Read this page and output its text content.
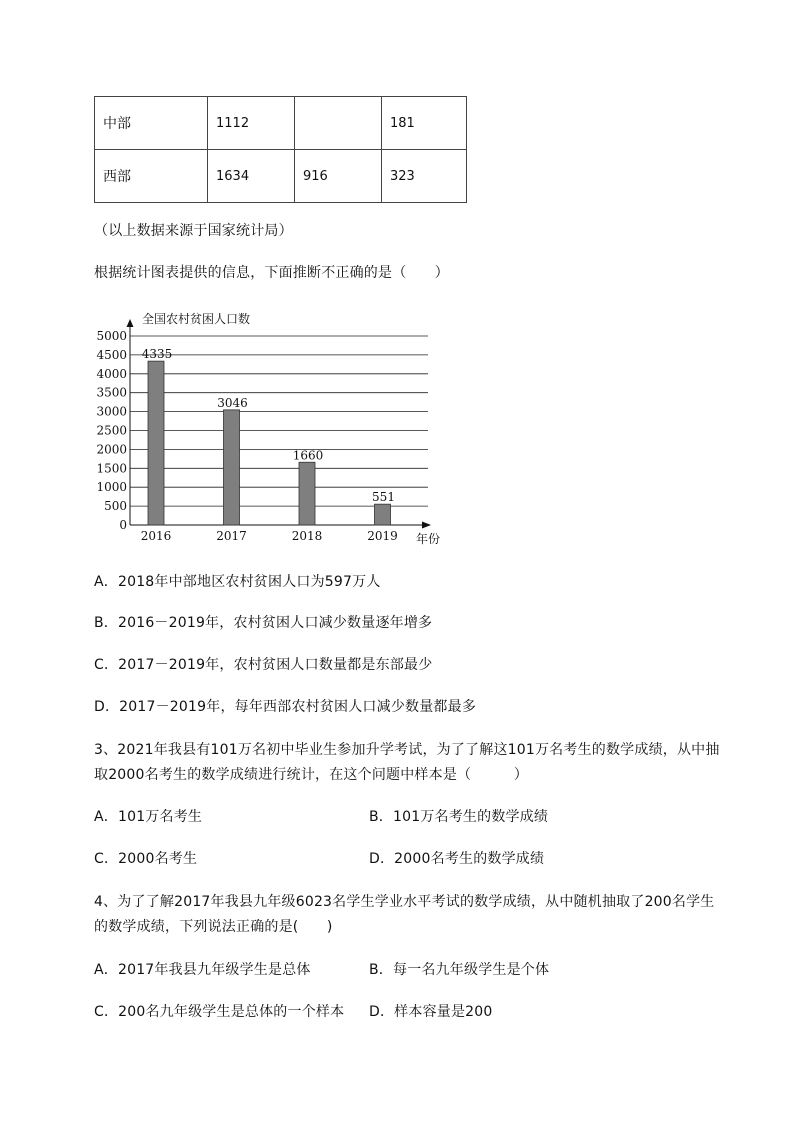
中部	1112		181
西部	1634	916	323
（以上数据来源于国家统计局）
根据统计图表提供的信息，下面推断不正确的是（　　）
0
500
1000
1500
2000
2500
3000
3500
4000
4500
5000
全国农村贫困人口数
年份
4335
2016
3046
2017
1660
2018
551
2019
A．2018年中部地区农村贫困人口为597万人
B．2016－2019年，农村贫困人口减少数量逐年增多
C．2017－2019年，农村贫困人口数量都是东部最少
D．2017－2019年，每年西部农村贫困人口减少数量都最多
3、2021年我县有101万名初中毕业生参加升学考试，为了了解这101万名考生的数学成绩，从中抽
取2000名考生的数学成绩进行统计，在这个问题中样本是（　　　）
A．101万名考生	B．101万名考生的数学成绩
C．2000名考生	D．2000名考生的数学成绩
4、为了了解2017年我县九年级6023名学生学业水平考试的数学成绩，从中随机抽取了200名学生
的数学成绩，下列说法正确的是(　　)
A．2017年我县九年级学生是总体	B．每一名九年级学生是个体
C．200名九年级学生是总体的一个样本 D．样本容量是200
